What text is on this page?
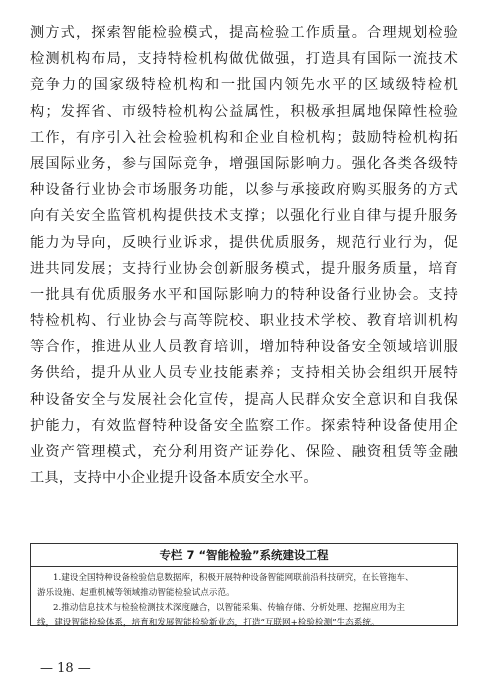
测方式，探索智能检验模式，提高检验工作质量。合理规划检验
检测机构布局，支持特检机构做优做强，打造具有国际一流技术
竞争力的国家级特检机构和一批国内领先水平的区域级特检机
构；发挥省、市级特检机构公益属性，积极承担属地保障性检验
工作，有序引入社会检验机构和企业自检机构；鼓励特检机构拓
展国际业务，参与国际竞争，增强国际影响力。强化各类各级特
种设备行业协会市场服务功能，以参与承接政府购买服务的方式
向有关安全监管机构提供技术支撑；以强化行业自律与提升服务
能力为导向，反映行业诉求，提供优质服务，规范行业行为，促
进共同发展；支持行业协会创新服务模式，提升服务质量，培育
一批具有优质服务水平和国际影响力的特种设备行业协会。支持
特检机构、行业协会与高等院校、职业技术学校、教育培训机构
等合作，推进从业人员教育培训，增加特种设备安全领域培训服
务供给，提升从业人员专业技能素养；支持相关协会组织开展特
种设备安全与发展社会化宣传，提高人民群众安全意识和自我保
护能力，有效监督特种设备安全监察工作。探索特种设备使用企
业资产管理模式，充分利用资产证券化、保险、融资租赁等金融
工具，支持中小企业提升设备本质安全水平。
专栏 7 “智能检验”系统建设工程
1.建设全国特种设备检验信息数据库，积极开展特种设备智能网联前沿科技研究，在长管拖车、
游乐设施、起重机械等领域推动智能检验试点示范。
2.推动信息技术与检验检测技术深度融合，以智能采集、传输存储、分析处理、挖掘应用为主
线，建设智能检验体系，培育和发展智能检验新业态，打造“互联网+检验检测”生态系统。
— 18 —
